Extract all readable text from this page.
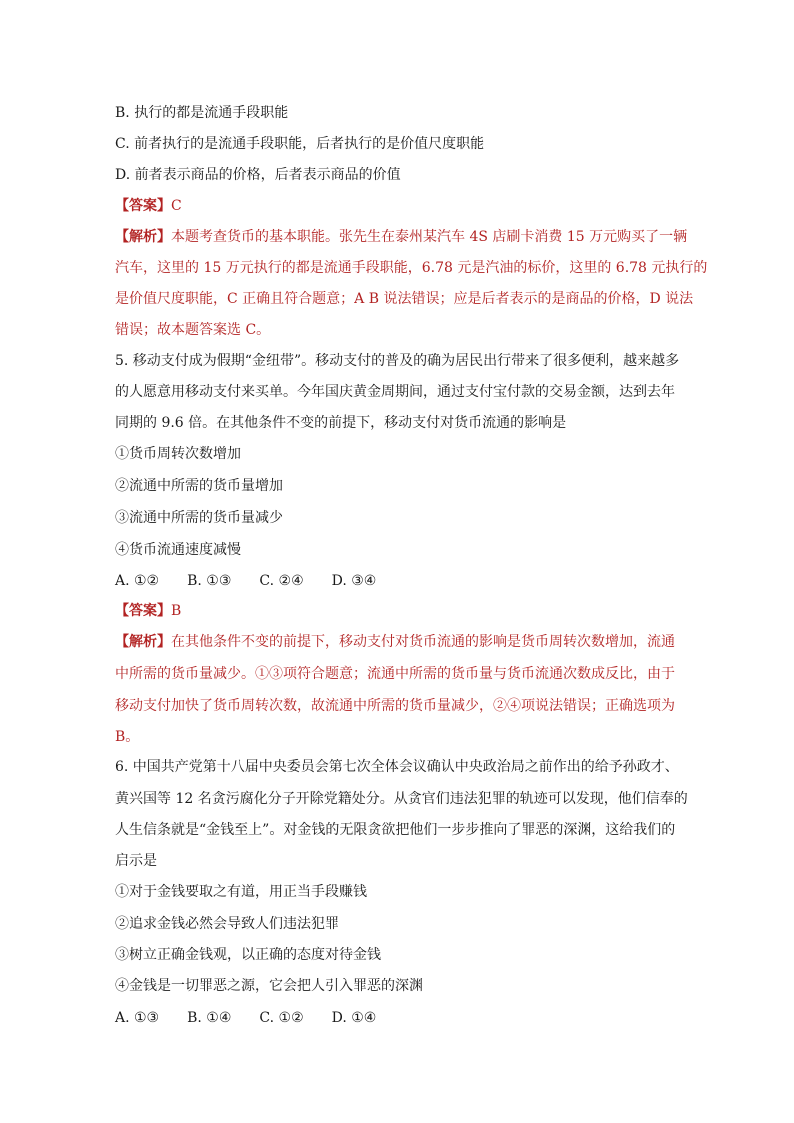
B. 执行的都是流通手段职能
C. 前者执行的是流通手段职能，后者执行的是价值尺度职能
D. 前者表示商品的价格，后者表示商品的价值
【答案】C
【解析】本题考查货币的基本职能。张先生在泰州某汽车 4S 店刷卡消费 15 万元购买了一辆
汽车，这里的 15 万元执行的都是流通手段职能，6.78 元是汽油的标价，这里的 6.78 元执行的
是价值尺度职能，C 正确且符合题意；A B 说法错误；应是后者表示的是商品的价格，D 说法
错误；故本题答案选 C。
5. 移动支付成为假期“金纽带”。移动支付的普及的确为居民出行带来了很多便利，越来越多
的人愿意用移动支付来买单。今年国庆黄金周期间，通过支付宝付款的交易金额，达到去年
同期的 9.6 倍。在其他条件不变的前提下，移动支付对货币流通的影响是
①货币周转次数增加
②流通中所需的货币量增加
③流通中所需的货币量减少
④货币流通速度减慢
A. ①②　　B. ①③　　C. ②④　　D. ③④
【答案】B
【解析】在其他条件不变的前提下，移动支付对货币流通的影响是货币周转次数增加，流通
中所需的货币量减少。①③项符合题意；流通中所需的货币量与货币流通次数成反比，由于
移动支付加快了货币周转次数，故流通中所需的货币量减少，②④项说法错误；正确选项为
B。
6. 中国共产党第十八届中央委员会第七次全体会议确认中央政治局之前作出的给予孙政才、
黄兴国等 12 名贪污腐化分子开除党籍处分。从贪官们违法犯罪的轨迹可以发现，他们信奉的
人生信条就是“金钱至上”。对金钱的无限贪欲把他们一步步推向了罪恶的深渊，这给我们的
启示是
①对于金钱要取之有道，用正当手段赚钱
②追求金钱必然会导致人们违法犯罪
③树立正确金钱观，以正确的态度对待金钱
④金钱是一切罪恶之源，它会把人引入罪恶的深渊
A. ①③　　B. ①④　　C. ①②　　D. ①④
